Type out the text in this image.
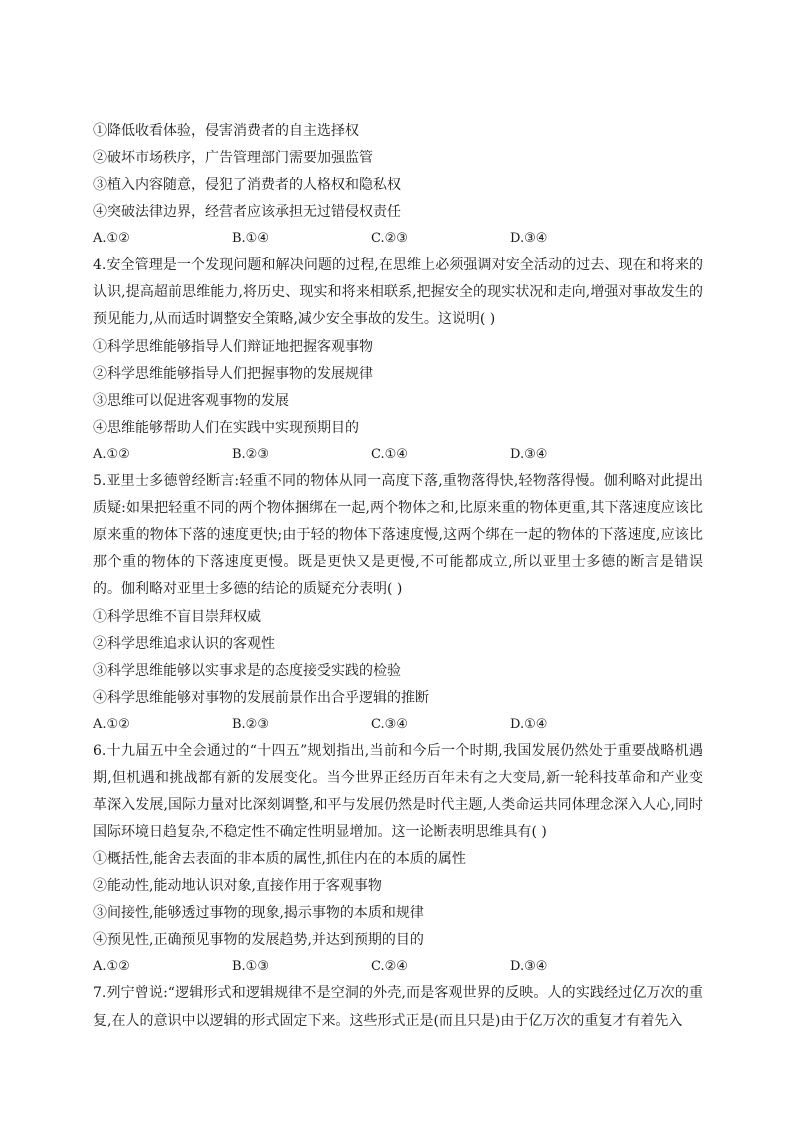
①降低收看体验，侵害消费者的自主选择权
②破坏市场秩序，广告管理部门需要加强监管
③植入内容随意，侵犯了消费者的人格权和隐私权
④突破法律边界，经营者应该承担无过错侵权责任
A.①②	B.①④	C.②③	D.③④
4.安全管理是一个发现问题和解决问题的过程,在思维上必须强调对安全活动的过去、现在和将来的认识,提高超前思维能力,将历史、现实和将来相联系,把握安全的现实状况和走向,增强对事故发生的预见能力,从而适时调整安全策略,减少安全事故的发生。这说明( )
①科学思维能够指导人们辩证地把握客观事物
②科学思维能够指导人们把握事物的发展规律
③思维可以促进客观事物的发展
④思维能够帮助人们在实践中实现预期目的
A.①②	B.②③	C.①④	D.③④
5.亚里士多德曾经断言:轻重不同的物体从同一高度下落,重物落得快,轻物落得慢。伽利略对此提出质疑:如果把轻重不同的两个物体捆绑在一起,两个物体之和,比原来重的物体更重,其下落速度应该比原来重的物体下落的速度更快;由于轻的物体下落速度慢,这两个绑在一起的物体的下落速度,应该比那个重的物体的下落速度更慢。既是更快又是更慢,不可能都成立,所以亚里士多德的断言是错误的。伽利略对亚里士多德的结论的质疑充分表明( )
①科学思维不盲目崇拜权威
②科学思维追求认识的客观性
③科学思维能够以实事求是的态度接受实践的检验
④科学思维能够对事物的发展前景作出合乎逻辑的推断
A.①②	B.②③	C.③④	D.①④
6.十九届五中全会通过的“十四五”规划指出,当前和今后一个时期,我国发展仍然处于重要战略机遇期,但机遇和挑战都有新的发展变化。当今世界正经历百年未有之大变局,新一轮科技革命和产业变革深入发展,国际力量对比深刻调整,和平与发展仍然是时代主题,人类命运共同体理念深入人心,同时国际环境日趋复杂,不稳定性不确定性明显增加。这一论断表明思维具有( )
①概括性,能舍去表面的非本质的属性,抓住内在的本质的属性
②能动性,能动地认识对象,直接作用于客观事物
③间接性,能够透过事物的现象,揭示事物的本质和规律
④预见性,正确预见事物的发展趋势,并达到预期的目的
A.①②	B.①③	C.②④	D.③④
7.列宁曾说:“逻辑形式和逻辑规律不是空洞的外壳,而是客观世界的反映。人的实践经过亿万次的重复,在人的意识中以逻辑的形式固定下来。这些形式正是(而且只是)由于亿万次的重复才有着先入
